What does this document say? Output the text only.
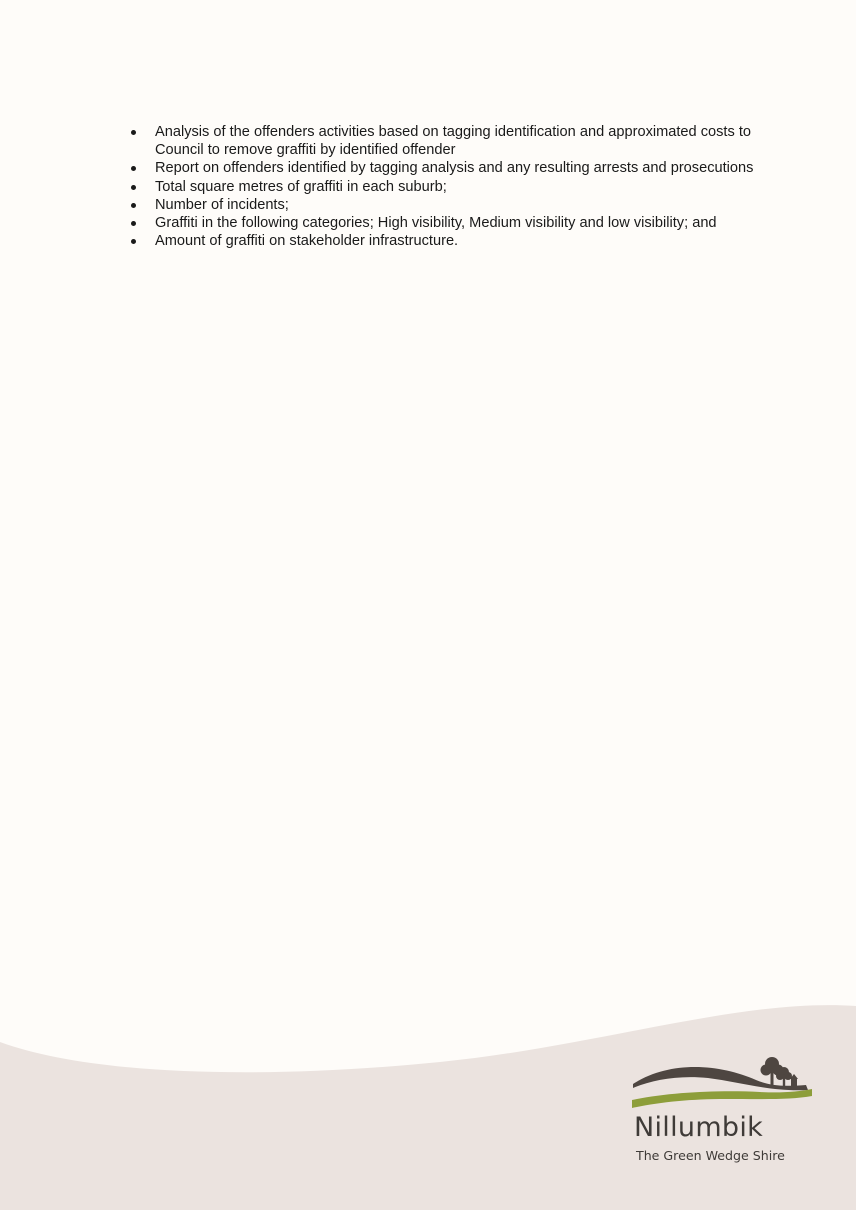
Analysis of the offenders activities based on tagging identification and approximated costs to Council to remove graffiti by identified offender
Report on offenders identified by tagging analysis and any resulting arrests and prosecutions
Total square metres of graffiti in each suburb;
Number of incidents;
Graffiti in the following categories; High visibility, Medium visibility and low visibility; and
Amount of graffiti on stakeholder infrastructure.
Nillumbik
The Green Wedge Shire
